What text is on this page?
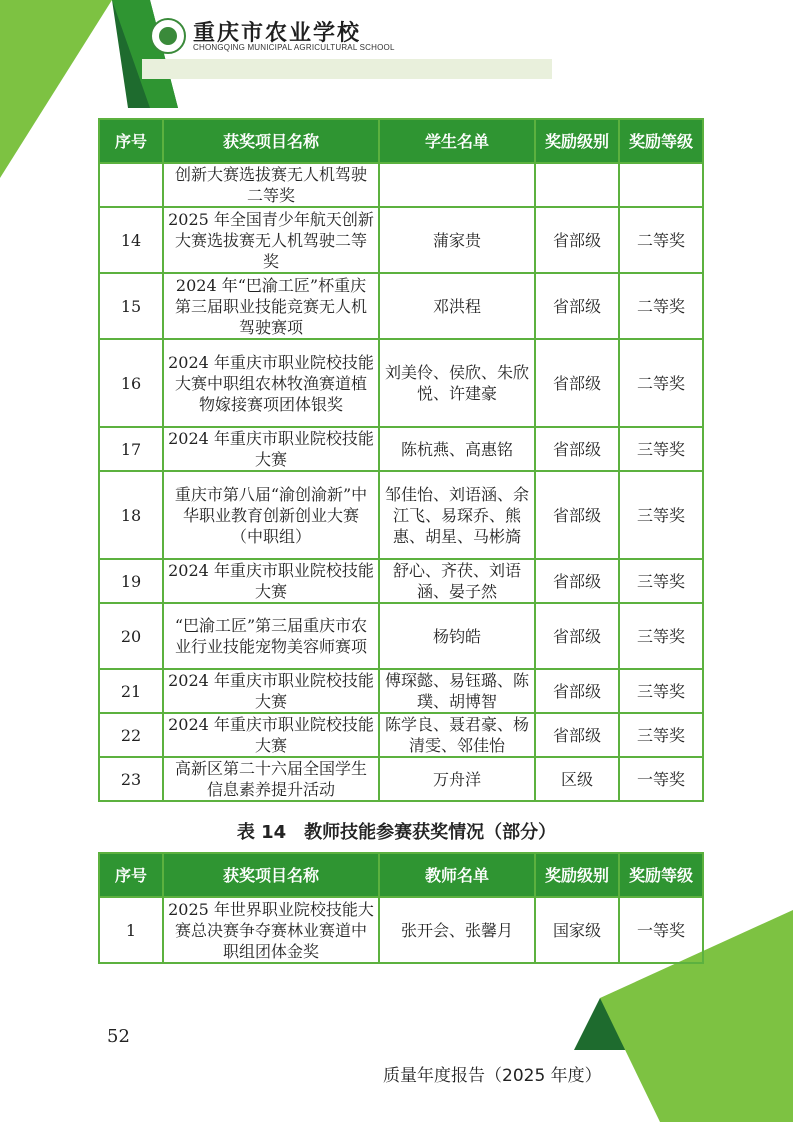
重庆市农业学校
CHONGQING MUNICIPAL AGRICULTURAL SCHOOL
序号	获奖项目名称	学生名单	奖励级别	奖励等级
	创新大赛选拔赛无人机驾驶二等奖			
14	2025 年全国青少年航天创新大赛选拔赛无人机驾驶二等奖	蒲家贵	省部级	二等奖
15	2024 年“巴渝工匠”杯重庆第三届职业技能竞赛无人机驾驶赛项	邓洪程	省部级	二等奖
16	2024 年重庆市职业院校技能大赛中职组农林牧渔赛道植物嫁接赛项团体银奖	刘美伶、侯欣、朱欣悦、许建豪	省部级	二等奖
17	2024 年重庆市职业院校技能大赛	陈杭燕、高惠铭	省部级	三等奖
18	重庆市第八届“渝创渝新”中华职业教育创新创业大赛（中职组）	邹佳怡、刘语涵、余江飞、易琛乔、熊惠、胡星、马彬旖	省部级	三等奖
19	2024 年重庆市职业院校技能大赛	舒心、齐茯、刘语涵、晏子然	省部级	三等奖
20	“巴渝工匠”第三届重庆市农业行业技能宠物美容师赛项	杨钧皓	省部级	三等奖
21	2024 年重庆市职业院校技能大赛	傅琛懿、易钰璐、陈璞、胡博智	省部级	三等奖
22	2024 年重庆市职业院校技能大赛	陈学良、聂君豪、杨清雯、邻佳怡	省部级	三等奖
23	高新区第二十六届全国学生信息素养提升活动	万舟洋	区级	一等奖
表 14　教师技能参赛获奖情况（部分）
序号	获奖项目名称	教师名单	奖励级别	奖励等级
1	2025 年世界职业院校技能大赛总决赛争夺赛林业赛道中职组团体金奖	张开会、张馨月	国家级	一等奖
52
质量年度报告（2025 年度）
